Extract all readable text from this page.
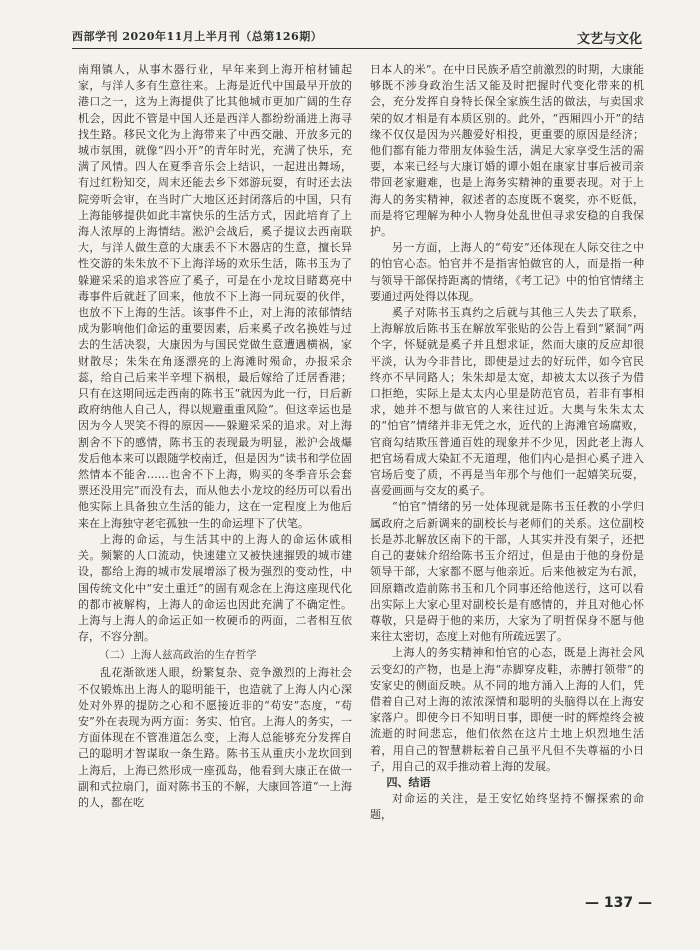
西部学刊 2020年11月上半月刊（总第126期）	文艺与文化

南翔镇人，从事木器行业，早年来到上海开棺材铺起家，与洋人多有生意往来。上海是近代中国最早开放的港口之一，这为上海提供了比其他城市更加广阔的生存机会，因此不管是中国人还是西洋人都纷纷涌进上海寻找生路。移民文化为上海带来了中西交融、开放多元的城市氛围，就像“四小开”的青年时光，充满了快乐，充满了风情。四人在夏季音乐会上结识，一起进出舞场，有过红粉知交，周末还能去乡下郊游玩耍，有时还去法院旁听会审，在当时广大地区还封闭落后的中国，只有上海能够提供如此丰富快乐的生活方式，因此培育了上海人浓厚的上海情结。淞沪会战后，奚子提议去西南联大，与洋人做生意的大康丢不下木器店的生意，擅长异性交游的朱朱放不下上海洋场的欢乐生活，陈书玉为了躲避采采的追求答应了奚子，可是在小龙坟目睹葛亮中毒事件后就赶了回来，他放不下上海一同玩耍的伙伴，也放不下上海的生活。该事件不止，对上海的浓郁情结成为影响他们命运的重要因素，后来奚子改名换姓与过去的生活决裂，大康因为与国民党做生意遭遇横祸，家财散尽；朱朱在角逐漂亮的上海滩时殒命，办报采余蕊，给自己后来半辛埋下祸根，最后嫁给了迁居香港；只有在这期间远走西南的陈书玉“就因为此一行，日后新政府纳他人自己人，得以规避重重风险”。但这幸运也是因为今人哭笑不得的原因——躲避采采的追求。对上海割舍不下的感情，陈书玉的表现最为明显，淞沪会战爆发后他本来可以跟随学校南迁，但是因为“读书和学位固然情本不能舍……也舍不下上海，购买的冬季音乐会套票还没用完”而没有去，而从他去小龙坟的经历可以看出他实际上具备独立生活的能力，这在一定程度上为他后来在上海独守老宅孤独一生的命运埋下了伏笔。

上海的命运，与生活其中的上海人的命运休戚相关。频繁的人口流动，快速建立又被快速摧毁的城市建设，都给上海的城市发展增添了极为强烈的变动性，中国传统文化中“安土重迁”的固有观念在上海这座现代化的都市被解构，上海人的命运也因此充满了不确定性。上海与上海人的命运正如一枚硬币的两面，二者相互依存，不容分割。

（二）上海人兹高政治的生存哲学

乱花渐欲迷人眼，纷繁复杂、竞争激烈的上海社会不仅锻炼出上海人的聪明能干，也造就了上海人内心深处对外界的提防之心和不愿接近非的“苟安”态度，“苟安”外在表现为两方面：务实、怕官。上海人的务实，一方面体现在不管准道怎么变，上海人总能够充分发挥自己的聪明才智谋取一条生路。陈书玉从重庆小龙坎回到上海后，上海已然形成一座孤岛，他看到大康正在做一副和式拉扇门，面对陈书玉的不解，大康回答道“一上海的人，都在吃

日本人的米”。在中日民族矛盾空前激烈的时期，大康能够既不涉身政治生活又能及时把握时代变化带来的机会，充分发挥自身特长保全家族生活的做法，与卖国求荣的奴才相是有本质区别的。此外，“西厢四小开”的结缘不仅仅是因为兴趣爱好相投，更重要的原因是经济；他们都有能力带朋友体验生活，满足大家享受生活的需要，本来已经与大康订婚的谭小姐在康家甘事后被司亲带回老家避难，也是上海务实精神的重要表现。对于上海人的务实精神，叙述者的态度既不褒奖，亦不贬低，而是将它理解为种小人物身处乱世但寻求安稳的自我保护。

另一方面，上海人的“苟安”还体现在人际交往之中的怕官心态。怕官并不是指害怕做官的人，而是指一种与领导干部保持距离的情绪，《考工记》中的怕官情绪主要通过两处得以体现。

奚子对陈书玉真约之后就与其他三人失去了联系，上海解放后陈书玉在解放军张贴的公告上看到“紧洞”两个字，怀疑就是奚子并且想求证，然而大康的反应却很平淡，认为今非昔比，即使是过去的好玩伴，如今官民终亦不早同路人；朱朱却是太宽，却被太太以孩子为借口拒绝，实际上是太太内心里是防范官员，若非有事相求，她并不想与做官的人来往过近。大奥与朱朱太太的“怕官”情绪并非无凭之水，近代的上海滩官场腐败，官商勾结欺压普通百姓的现象并不少见，因此老上海人把官场看成大染缸不无道理，他们内心是担心奚子进入官场后变了质，不再是当年那个与他们一起嬉笑玩耍，喜爱画画与交友的奚子。

“怕官”情绪的另一处体现就是陈书玉任教的小学归属政府之后新调来的副校长与老师们的关系。这位副校长是苏北解放区南下的干部，人其实并没有架子，还把自己的妻妹介绍给陈书玉介绍过，但是由于他的身份是领导干部，大家都不愿与他亲近。后来他被定为右派，回原籍改造前陈书玉和几个同事还给他送行，这可以看出实际上大家心里对副校长是有感情的，并且对他心怀尊敬，只是碍于他的来历，大家为了明哲保身不愿与他来往太密切，态度上对他有所疏远罢了。

上海人的务实精神和怕官的心态，既是上海社会风云变幻的产物，也是上海“赤脚穿皮鞋，赤膊打领带”的安家史的侧面反映。从不同的地方涌入上海的人们，凭借着自己对上海的浓浓深情和聪明的头脑得以在上海安家落户。即使今日不知明日事，即便一时的辉煌终会被流逝的时间悲忘，他们依然在这片土地上炽烈地生活着，用自己的智慧耕耘着自己虽平凡但不失尊福的小日子，用自己的双手推动着上海的发展。

四、结语

对命运的关注，是王安忆始终坚持不懈探索的命题，

— 137 —
